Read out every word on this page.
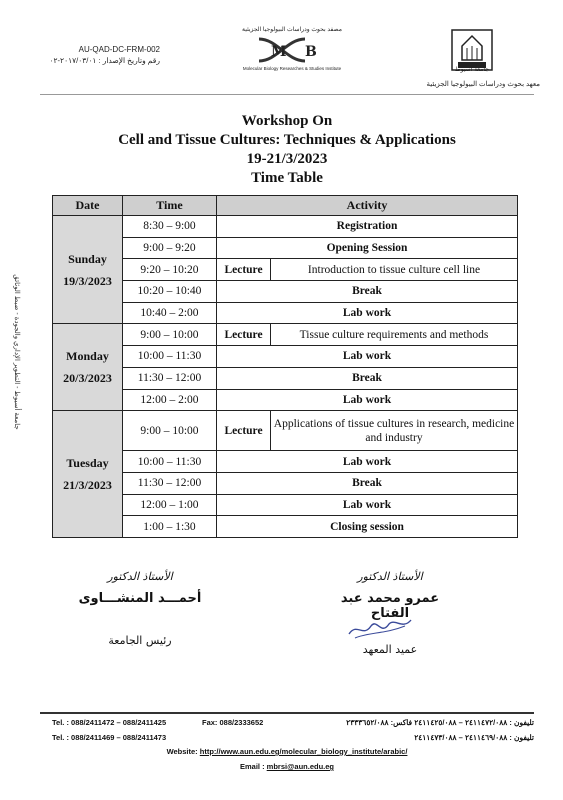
AU-QAD-DC-FRM-002
رقم وتاريخ الإصدار : ٢٠١٧/٠٣/٠١-٠٢
مصفد بحوث ودراسات البيولوجيا الجزيئية
M B
Molecular Biology Researches & Studies Institute	جامعة أسيوط
معهد بحوث ودراسات البيولوجيا الجزيئية
Workshop On
Cell and Tissue Cultures: Techniques & Applications
19-21/3/2023
Time Table
جامعة أسيوط - التطوير الإداري والجودة - ضبط الوثائق
Date	Time	Activity	

Sunday
19/3/2023	8:30 – 9:00	Registration	
	9:00 – 9:20	Opening Session	
	9:20 – 10:20	Lecture	Introduction to tissue culture cell line
	10:20 – 10:40	Break	
	10:40 – 2:00	Lab work	

Monday
20/3/2023	9:00 – 10:00	Lecture	Tissue culture requirements and methods
	10:00 – 11:30	Lab work	
	11:30 – 12:00	Break	
	12:00 – 2:00	Lab work	

Tuesday
21/3/2023	9:00 – 10:00	Lecture	Applications of tissue cultures in research, medicine and industry
	10:00 – 11:30	Lab work	
	11:30 – 12:00	Break	
	12:00 – 1:00	Lab work	
	1:00 – 1:30	Closing session	
الأستاذ الدكتور
أحمـــد المنشـــاوى
رئيس الجامعة
الأستاذ الدكتور
عمرو محمد عبد الفتاح
عميد المعهد
Tel. : 088/2411472 – 088/2411425	Fax: 088/2333652
Tel. : 088/2411469 – 088/2411473
تليفون : ٢٤١١٤٧٢/٠٨٨ – ٢٤١١٤٢٥/٠٨٨ فاكس: ٢٣٣٣٦٥٢/٠٨٨
تليفون : ٢٤١١٤٦٩/٠٨٨ – ٢٤١١٤٧٣/٠٨٨
Website: http://www.aun.edu.eg/molecular_biology_institute/arabic/
Email : mbrsi@aun.edu.eg
